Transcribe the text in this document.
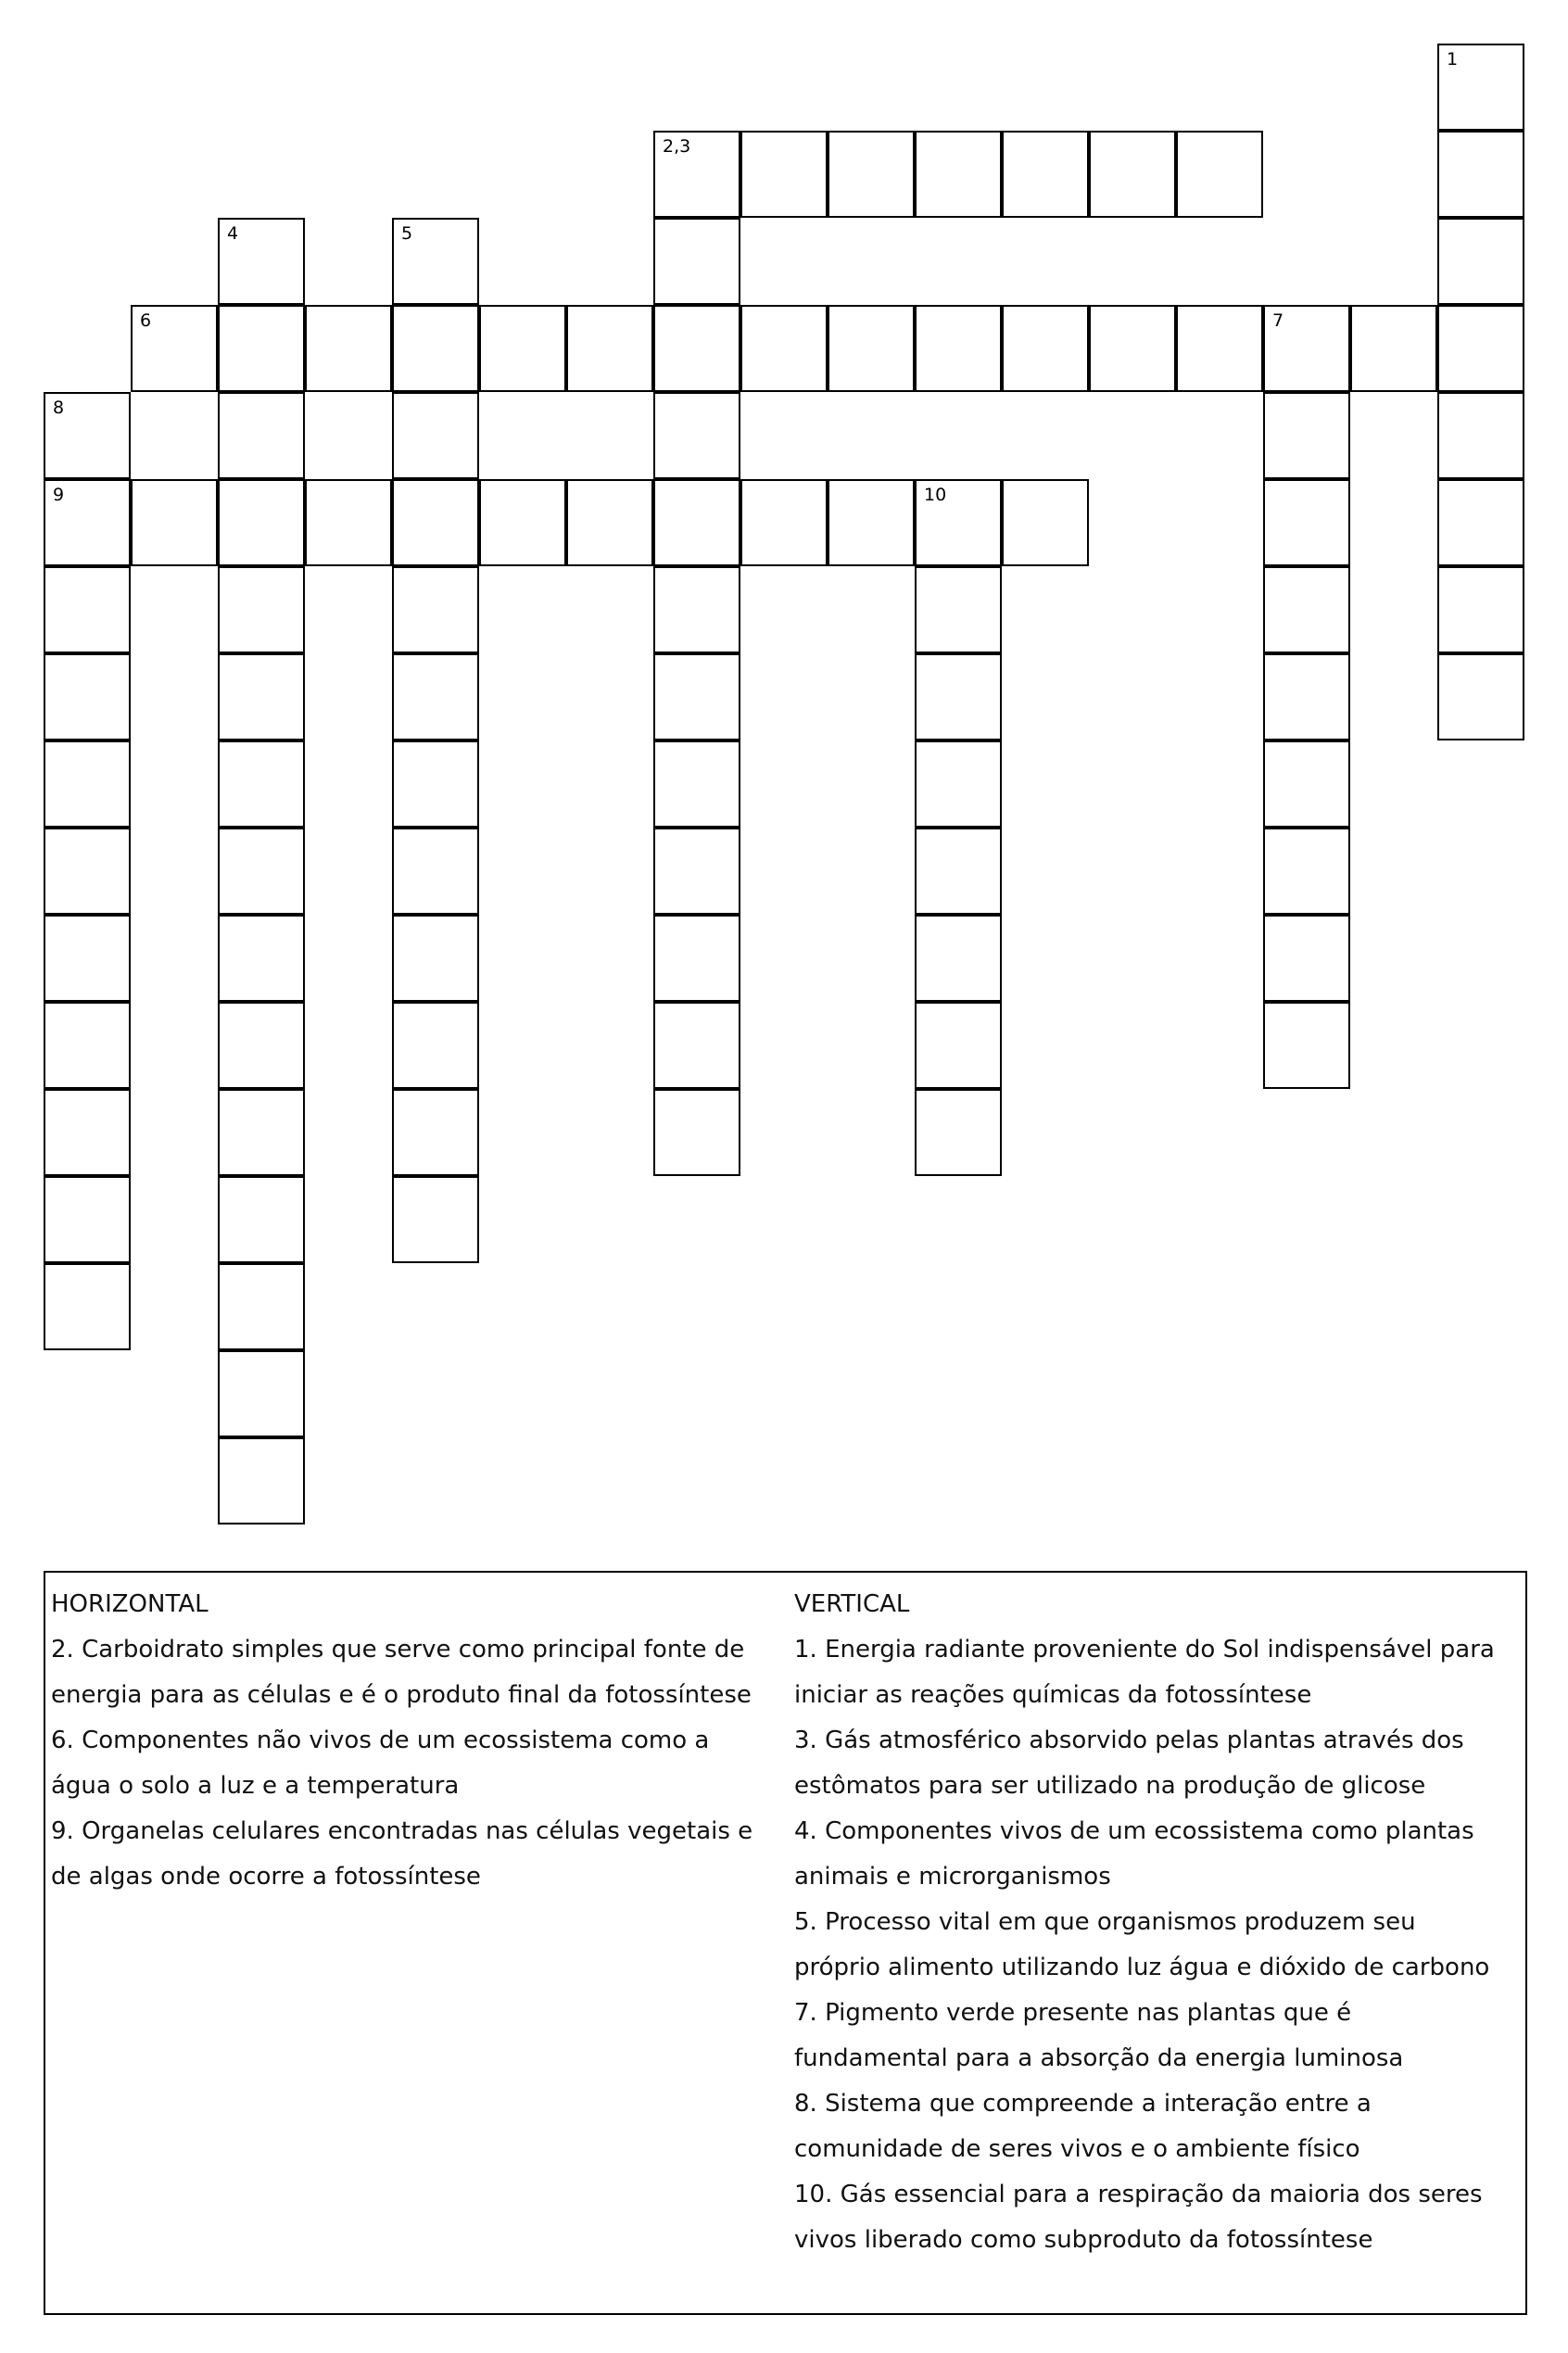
2,3
6	7
9	10
1
4	5
8
HORIZONTAL
2. Carboidrato simples que serve como principal fonte de
energia para as células e é o produto final da fotossíntese
6. Componentes não vivos de um ecossistema como a
água o solo a luz e a temperatura
9. Organelas celulares encontradas nas células vegetais e
de algas onde ocorre a fotossíntese
VERTICAL
1. Energia radiante proveniente do Sol indispensável para
iniciar as reações químicas da fotossíntese
3. Gás atmosférico absorvido pelas plantas através dos
estômatos para ser utilizado na produção de glicose
4. Componentes vivos de um ecossistema como plantas
animais e microrganismos
5. Processo vital em que organismos produzem seu
próprio alimento utilizando luz água e dióxido de carbono
7. Pigmento verde presente nas plantas que é
fundamental para a absorção da energia luminosa
8. Sistema que compreende a interação entre a
comunidade de seres vivos e o ambiente físico
10. Gás essencial para a respiração da maioria dos seres
vivos liberado como subproduto da fotossíntese
